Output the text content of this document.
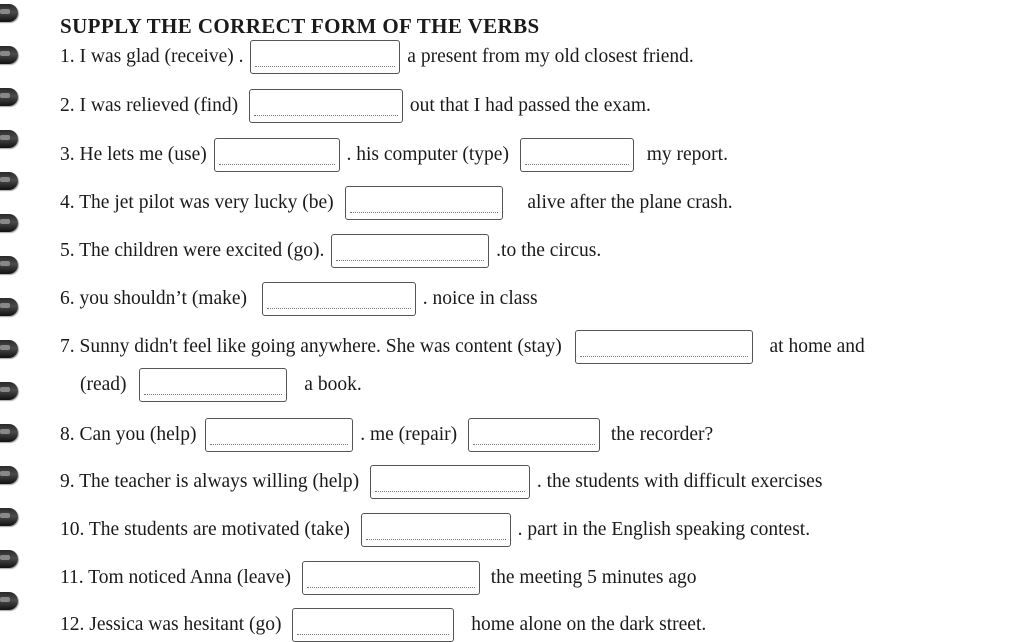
SUPPLY THE CORRECT FORM OF THE VERBS
1. I was glad (receive) .	a present from my old closest friend.
2. I was relieved (find)	out that I had passed the exam.
3. He lets me (use)	. his computer (type)	my report.
4. The jet pilot was very lucky (be)	alive after the plane crash.
5. The children were excited (go).	.to the circus.
6. you shouldn’t (make)	. noice in class
7. Sunny didn't feel like going anywhere. She was content (stay)	at home and
(read)	a book.
8. Can you (help)	. me (repair)	the recorder?
9. The teacher is always willing (help)	. the students with difficult exercises
10. The students are motivated (take)	. part in the English speaking contest.
11. Tom noticed Anna (leave)	the meeting 5 minutes ago
12. Jessica was hesitant (go)	home alone on the dark street.
